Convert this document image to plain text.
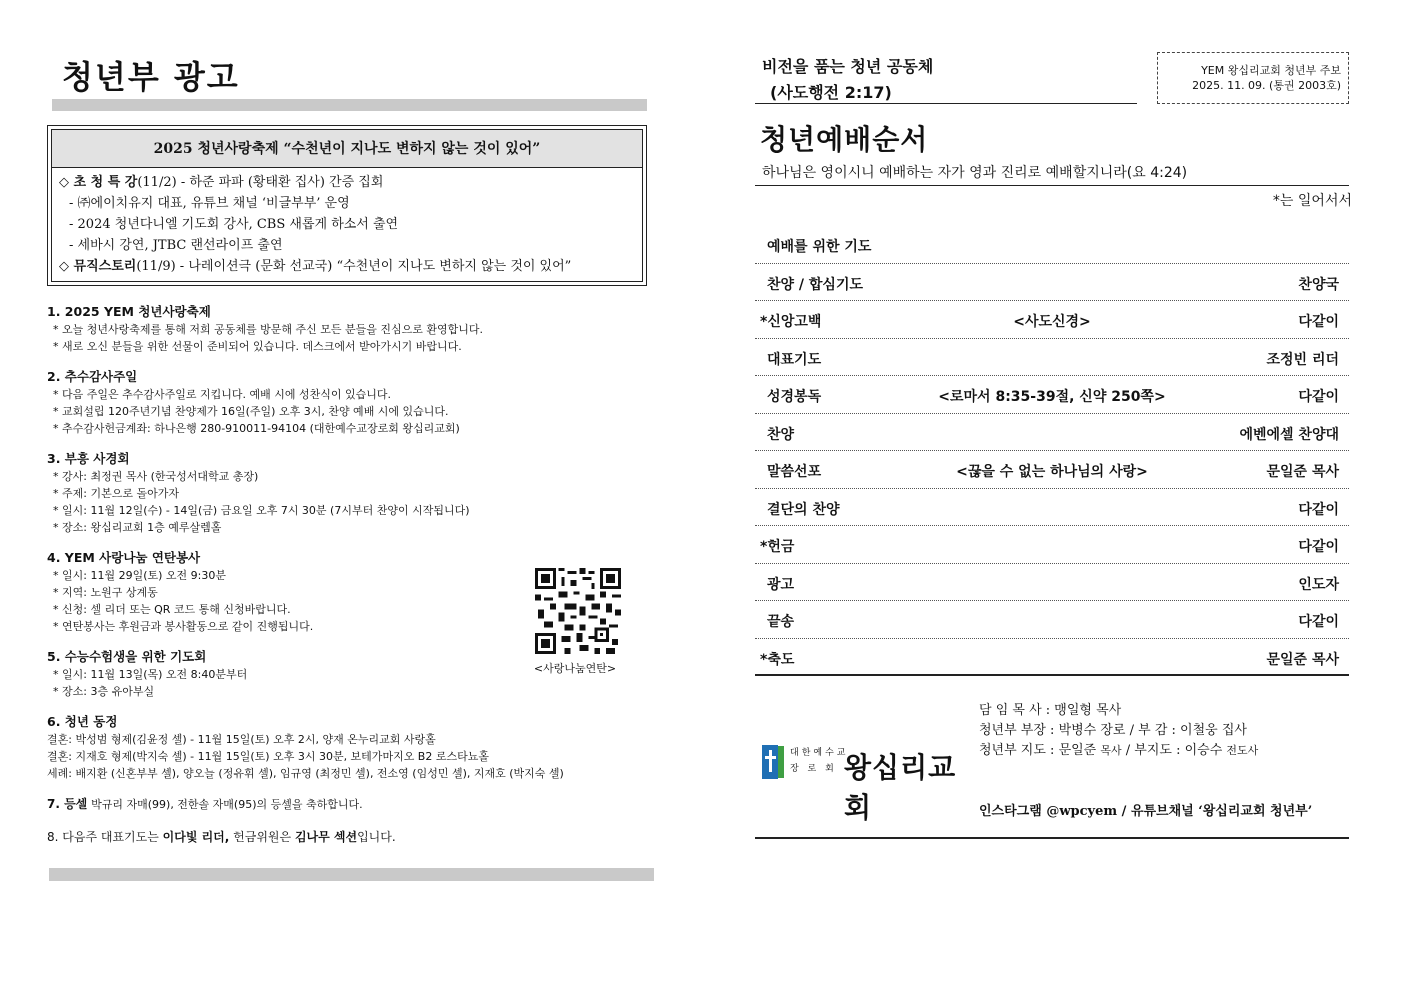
청년부 광고
2025 청년사랑축제 “수천년이 지나도 변하지 않는 것이 있어”
◇ 초 청 특 강(11/2) - 하준 파파 (황태환 집사) 간증 집회
- ㈜에이치유지 대표, 유튜브 채널 ‘비글부부’ 운영
- 2024 청년다니엘 기도회 강사, CBS 새롭게 하소서 출연
- 세바시 강연, JTBC 랜선라이프 출연
◇ 뮤직스토리(11/9) - 나레이션극 (문화 선교국) “수천년이 지나도 변하지 않는 것이 있어”
1. 2025 YEM 청년사랑축제
* 오늘 청년사랑축제를 통해 저희 공동체를 방문해 주신 모든 분들을 진심으로 환영합니다.
* 새로 오신 분들을 위한 선물이 준비되어 있습니다. 데스크에서 받아가시기 바랍니다.
2. 추수감사주일
* 다음 주일은 추수감사주일로 지킵니다. 예배 시에 성찬식이 있습니다.
* 교회설립 120주년기념 찬양제가 16일(주일) 오후 3시, 찬양 예배 시에 있습니다.
* 추수감사헌금계좌: 하나은행 280-910011-94104 (대한예수교장로회 왕십리교회)
3. 부흥 사경회
* 강사: 최정권 목사 (한국성서대학교 총장)
* 주제: 기본으로 돌아가자
* 일시: 11월 12일(수) - 14일(금) 금요일 오후 7시 30분 (7시부터 찬양이 시작됩니다)
* 장소: 왕십리교회 1층 예루살렘홀
4. YEM 사랑나눔 연탄봉사
* 일시: 11월 29일(토) 오전 9:30분
* 지역: 노원구 상계동
* 신청: 셀 리더 또는 QR 코드 통해 신청바랍니다.
* 연탄봉사는 후원금과 봉사활동으로 같이 진행됩니다.
5. 수능수험생을 위한 기도회
* 일시: 11월 13일(목) 오전 8:40분부터
* 장소: 3층 유아부실
6. 청년 동정
결혼: 박성범 형제(김윤정 셀) - 11월 15일(토) 오후 2시, 양재 온누리교회 사랑홀
결혼: 지재호 형제(박지숙 셀) - 11월 15일(토) 오후 3시 30분, 보테가마지오 B2 로스타뇨홀
세례: 배지환 (신혼부부 셀), 양오늘 (정유휘 셀), 임규영 (최정민 셀), 전소영 (임성민 셀), 지재호 (박지숙 셀)
7. 등셀 박규리 자매(99), 전한솔 자매(95)의 등셀을 축하합니다.
8. 다음주 대표기도는 이다빛 리더, 헌금위원은 김나무 섹션입니다.
<사랑나눔연탄>
비전을 품는 청년 공동체
(사도행전 2:17)
YEM 왕십리교회 청년부 주보
2025. 11. 09. (통권 2003호)
청년예배순서
하나님은 영이시니 예배하는 자가 영과 진리로 예배할지니라(요 4:24)
*는 일어서서
예배를 위한 기도
찬양 / 합심기도	찬양국
*신앙고백	<사도신경>	다같이
대표기도	조정빈 리더
성경봉독	<로마서 8:35-39절, 신약 250쪽>	다같이
찬양	에벤에셀 찬양대
말씀선포	<끊을 수 없는 하나님의 사랑>	문일준 목사
결단의 찬양	다같이
*헌금	다같이
광고	인도자
끝송	다같이
*축도	문일준 목사
대한예수교
장 로 회 왕십리교회
담 임 목 사 : 맹일형 목사
청년부 부장 : 박병수 장로 / 부 감 : 이철웅 집사
청년부 지도 : 문일준 목사 / 부지도 : 이승수 전도사
인스타그램 @wpcyem / 유튜브채널 ‘왕십리교회 청년부’
